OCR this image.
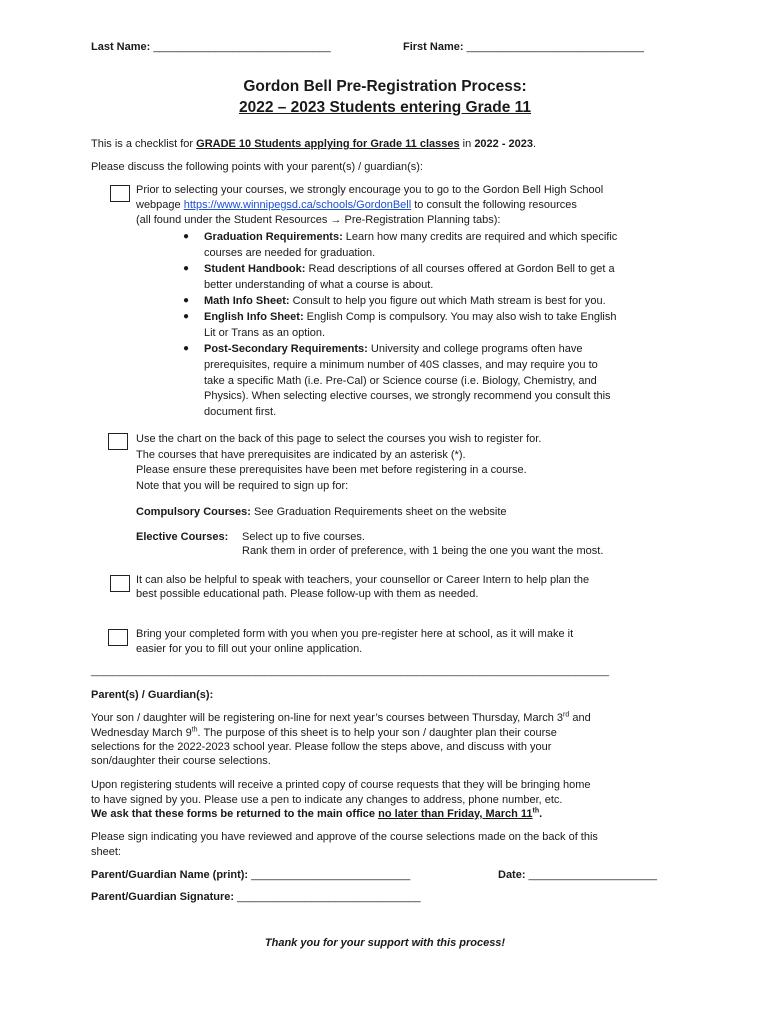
Last Name: _____________________________	First Name: _____________________________
Gordon Bell Pre-Registration Process:
2022 – 2023 Students entering Grade 11
This is a checklist for GRADE 10 Students applying for Grade 11 classes in 2022 - 2023.
Please discuss the following points with your parent(s) / guardian(s):
Prior to selecting your courses, we strongly encourage you to go to the Gordon Bell High School
webpage https://www.winnipegsd.ca/schools/GordonBell to consult the following resources
(all found under the Student Resources → Pre-Registration Planning tabs):
● Graduation Requirements: Learn how many credits are required and which specific
courses are needed for graduation.
● Student Handbook: Read descriptions of all courses offered at Gordon Bell to get a
better understanding of what a course is about.
● Math Info Sheet: Consult to help you figure out which Math stream is best for you.
● English Info Sheet: English Comp is compulsory. You may also wish to take English
Lit or Trans as an option.
● Post-Secondary Requirements: University and college programs often have
prerequisites, require a minimum number of 40S classes, and may require you to
take a specific Math (i.e. Pre-Cal) or Science course (i.e. Biology, Chemistry, and
Physics). When selecting elective courses, we strongly recommend you consult this
document first.
Use the chart on the back of this page to select the courses you wish to register for.
The courses that have prerequisites are indicated by an asterisk (*).
Please ensure these prerequisites have been met before registering in a course.
Note that you will be required to sign up for:
Compulsory Courses: See Graduation Requirements sheet on the website
Elective Courses: Select up to five courses.
Rank them in order of preference, with 1 being the one you want the most.
It can also be helpful to speak with teachers, your counsellor or Career Intern to help plan the
best possible educational path. Please follow-up with them as needed.
Bring your completed form with you when you pre-register here at school, as it will make it
easier for you to fill out your online application.
____________________________________________________________________________________________
Parent(s) / Guardian(s):
Your son / daughter will be registering on-line for next year’s courses between Thursday, March 3rd and
Wednesday March 9th. The purpose of this sheet is to help your son / daughter plan their course
selections for the 2022-2023 school year. Please follow the steps above, and discuss with your
son/daughter their course selections.
Upon registering students will receive a printed copy of course requests that they will be bringing home
to have signed by you. Please use a pen to indicate any changes to address, phone number, etc.
We ask that these forms be returned to the main office no later than Friday, March 11th.
Please sign indicating you have reviewed and approve of the course selections made on the back of this
sheet:
Parent/Guardian Name (print): __________________________	Date: _____________________
Parent/Guardian Signature: ______________________________
Thank you for your support with this process!
